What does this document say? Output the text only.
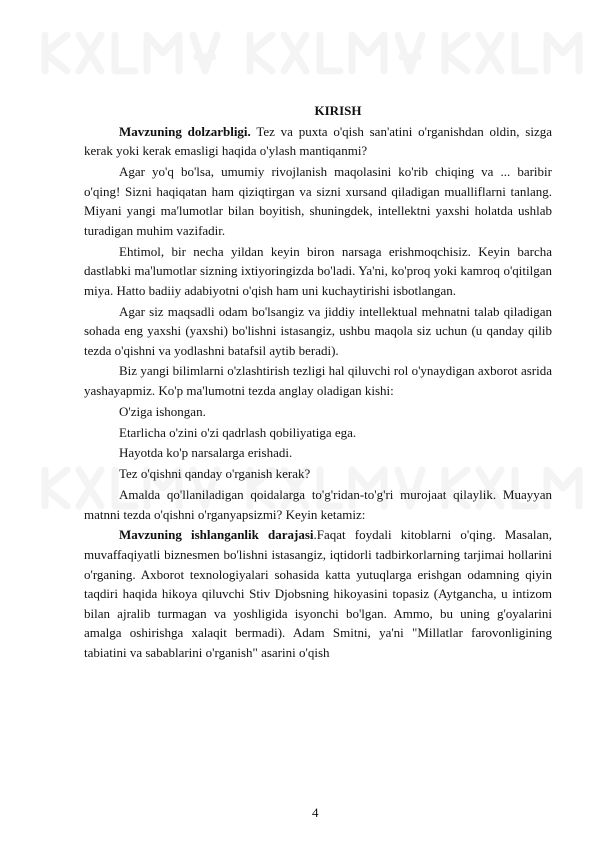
KIRISH

Mavzuning dolzarbligi. Tez va puxta o'qish san'atini o'rganishdan oldin, sizga kerak yoki kerak emasligi haqida o'ylash mantiqanmi?

Agar yo'q bo'lsa, umumiy rivojlanish maqolasini ko'rib chiqing va ... baribir o'qing! Sizni haqiqatan ham qiziqtirgan va sizni xursand qiladigan mualliflarni tanlang. Miyani yangi ma'lumotlar bilan boyitish, shuningdek, intellektni yaxshi holatda ushlab turadigan muhim vazifadir.

Ehtimol, bir necha yildan keyin biron narsaga erishmoqchisiz. Keyin barcha dastlabki ma'lumotlar sizning ixtiyoringizda bo'ladi. Ya'ni, ko'proq yoki kamroq o'qitilgan miya. Hatto badiiy adabiyotni o'qish ham uni kuchaytirishi isbotlangan.

Agar siz maqsadli odam bo'lsangiz va jiddiy intellektual mehnatni talab qiladigan sohada eng yaxshi (yaxshi) bo'lishni istasangiz, ushbu maqola siz uchun (u qanday qilib tezda o'qishni va yodlashni batafsil aytib beradi).

Biz yangi bilimlarni o'zlashtirish tezligi hal qiluvchi rol o'ynaydigan axborot asrida yashayapmiz. Ko'p ma'lumotni tezda anglay oladigan kishi:

O'ziga ishongan.

Etarlicha o'zini o'zi qadrlash qobiliyatiga ega.

Hayotda ko'p narsalarga erishadi.

Tez o'qishni qanday o'rganish kerak?

Amalda qo'llaniladigan qoidalarga to'g'ridan-to'g'ri murojaat qilaylik. Muayyan matnni tezda o'qishni o'rganyapsizmi? Keyin ketamiz:

Mavzuning ishlanganlik darajasi.Faqat foydali kitoblarni o'qing. Masalan, muvaffaqiyatli biznesmen bo'lishni istasangiz, iqtidorli tadbirkorlarning tarjimai hollarini o'rganing. Axborot texnologiyalari sohasida katta yutuqlarga erishgan odamning qiyin taqdiri haqida hikoya qiluvchi Stiv Djobsning hikoyasini topasiz (Aytgancha, u intizom bilan ajralib turmagan va yoshligida isyonchi bo'lgan. Ammo, bu uning g'oyalarini amalga oshirishga xalaqit bermadi). Adam Smitni, ya'ni "Millatlar farovonligining tabiatini va sabablarini o'rganish" asarini o'qish

4
